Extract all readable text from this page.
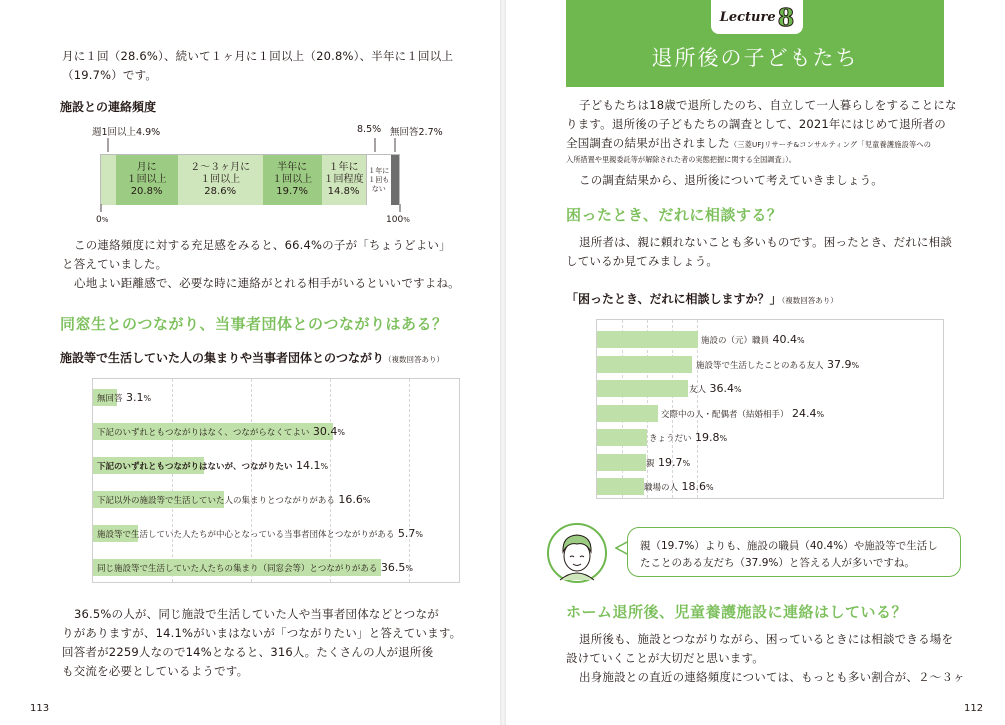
月に１回（28.6%）、続いて１ヶ月に１回以上（20.8%）、半年に１回以上
（19.7%）です。
施設との連絡頻度
週1回以上4.9%	8.5% 無回答2.7%
月に
１回以上
20.8%
２～３ヶ月に
１回以上
28.6%
半年に
１回以上
19.7%
１年に
１回程度
14.8%
１年に
１回も
ない
0%	100%
この連絡頻度に対する充足感をみると、66.4%の子が「ちょうどよい」
と答えていました。
心地よい距離感で、必要な時に連絡がとれる相手がいるといいですよね。
同窓生とのつながり、当事者団体とのつながりはある？
施設等で生活していた人の集まりや当事者団体とのつながり（複数回答あり）
無回答 3.1%
下記のいずれともつながりはなく、つながらなくてよい 30.4%
下記のいずれともつながりはないが、つながりたい 14.1%
下記以外の施設等で生活していた人の集まりとつながりがある 16.6%
施設等で生活していた人たちが中心となっている当事者団体とつながりがある 5.7%
同じ施設等で生活していた人たちの集まり（同窓会等）とつながりがある 36.5%
36.5%の人が、同じ施設で生活していた人や当事者団体などとつなが
りがありますが、14.1%がいまはないが「つながりたい」と答えています。
回答者が2259人なので14%となると、316人。たくさんの人が退所後
も交流を必要としているようです。
113
Lecture 8
退所後の子どもたち
子どもたちは18歳で退所したのち、自立して一人暮らしをすることにな
ります。退所後の子どもたちの調査として、2021年にはじめて退所者の
全国調査の結果が出されました（三菱UFJリサーチ&コンサルティング「児童養護施設等への
入所措置や里親委託等が解除された者の実態把握に関する全国調査」）。
この調査結果から、退所後について考えていきましょう。
困ったとき、だれに相談する？
退所者は、親に頼れないことも多いものです。困ったとき、だれに相談
しているか見てみましょう。
「困ったとき、だれに相談しますか？」（複数回答あり）
施設の（元）職員 40.4%
施設等で生活したことのある友人 37.9%
友人 36.4%
交際中の人・配偶者（結婚相手） 24.4%
きょうだい 19.8%
親 19.7%
職場の人 18.6%
ホーム退所後、児童養護施設に連絡はしている？
退所後も、施設とつながりながら、困っているときには相談できる場を
設けていくことが大切だと思います。
出身施設との直近の連絡頻度については、もっとも多い割合が、２～３ヶ
112
親（19.7%）よりも、施設の職員（40.4%）や施設等で生活し
たことのある友だち（37.9%）と答える人が多いですね。
